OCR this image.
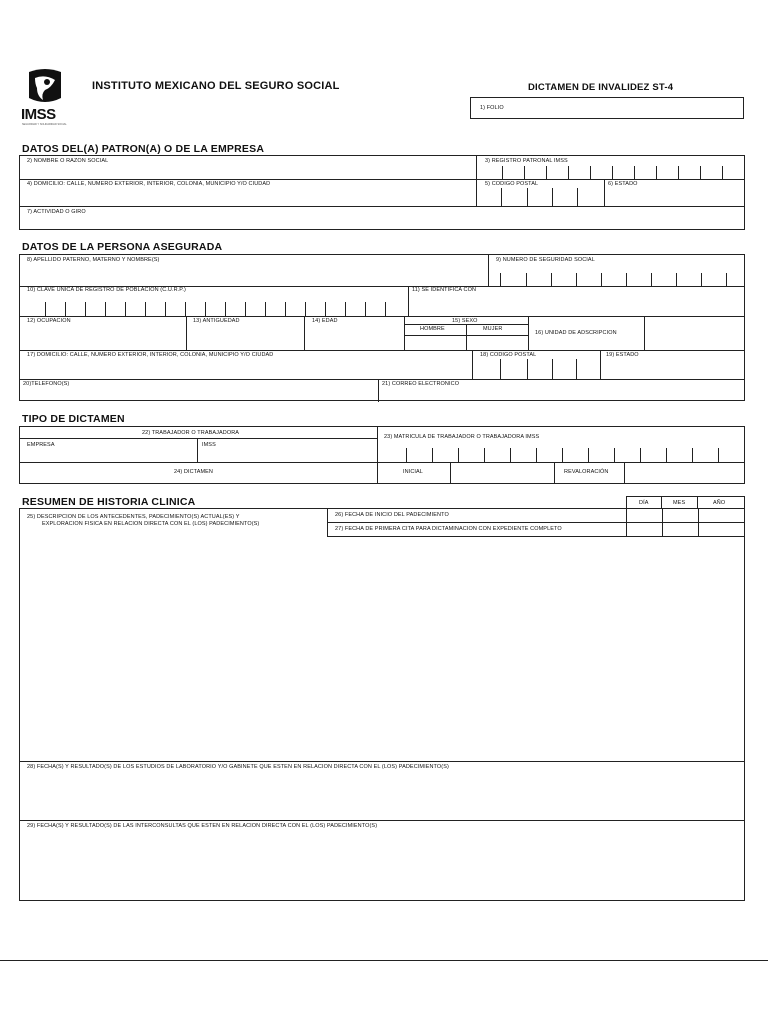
IMSS
SEGURIDAD Y SOLIDARIDAD SOCIAL
INSTITUTO MEXICANO DEL SEGURO SOCIAL	DICTAMEN DE INVALIDEZ ST-4
1) FOLIO
DATOS DEL(A) PATRON(A) O DE LA EMPRESA
2) NOMBRE O RAZON SOCIAL	3) REGISTRO PATRONAL IMSS
4) DOMICILIO: CALLE, NUMERO EXTERIOR, INTERIOR, COLONIA, MUNICIPIO Y/O CIUDAD	5) CODIGO POSTAL	6) ESTADO
7) ACTIVIDAD O GIRO
DATOS DE LA PERSONA ASEGURADA
8) APELLIDO PATERNO, MATERNO Y NOMBRE(S)	9) NUMERO DE SEGURIDAD SOCIAL
10) CLAVE UNICA DE REGISTRO DE POBLACION (C.U.R.P.)	11) SE IDENTIFICA CON
12) OCUPACION	13) ANTIGUEDAD	14) EDAD	15) SEXO
HOMBRE	MUJER
16) UNIDAD DE ADSCRIPCION
17) DOMICILIO: CALLE, NUMERO EXTERIOR, INTERIOR, COLONIA, MUNICIPIO Y/O CIUDAD	18) CODIGO POSTAL	19) ESTADO
20)TELEFONO(S)	21) CORREO ELECTRONICO
TIPO DE DICTAMEN
22) TRABAJADOR O TRABAJADORA
EMPRESA	IMSS
23) MATRICULA DE TRABAJADOR O TRABAJADORA IMSS
24) DICTAMEN	INICIAL	REVALORACIÓN
RESUMEN DE HISTORIA CLINICA	DÍA	MES	AÑO
25) DESCRIPCION DE LOS ANTECEDENTES, PADECIMIENTO(S) ACTUAL(ES) Y
EXPLORACION FISICA EN RELACION DIRECTA CON EL (LOS) PADECIMIENTO(S)
26) FECHA DE INICIO DEL PADECIMIENTO
27) FECHA DE PRIMERA CITA PARA DICTAMINACION CON EXPEDIENTE COMPLETO
28) FECHA(S) Y RESULTADO(S) DE LOS ESTUDIOS DE LABORATORIO Y/O GABINETE QUE ESTEN EN RELACION DIRECTA CON EL (LOS) PADECIMIENTO(S)
29) FECHA(S) Y RESULTADO(S) DE LAS INTERCONSULTAS QUE ESTEN EN RELACION DIRECTA CON EL (LOS) PADECIMIENTO(S)
